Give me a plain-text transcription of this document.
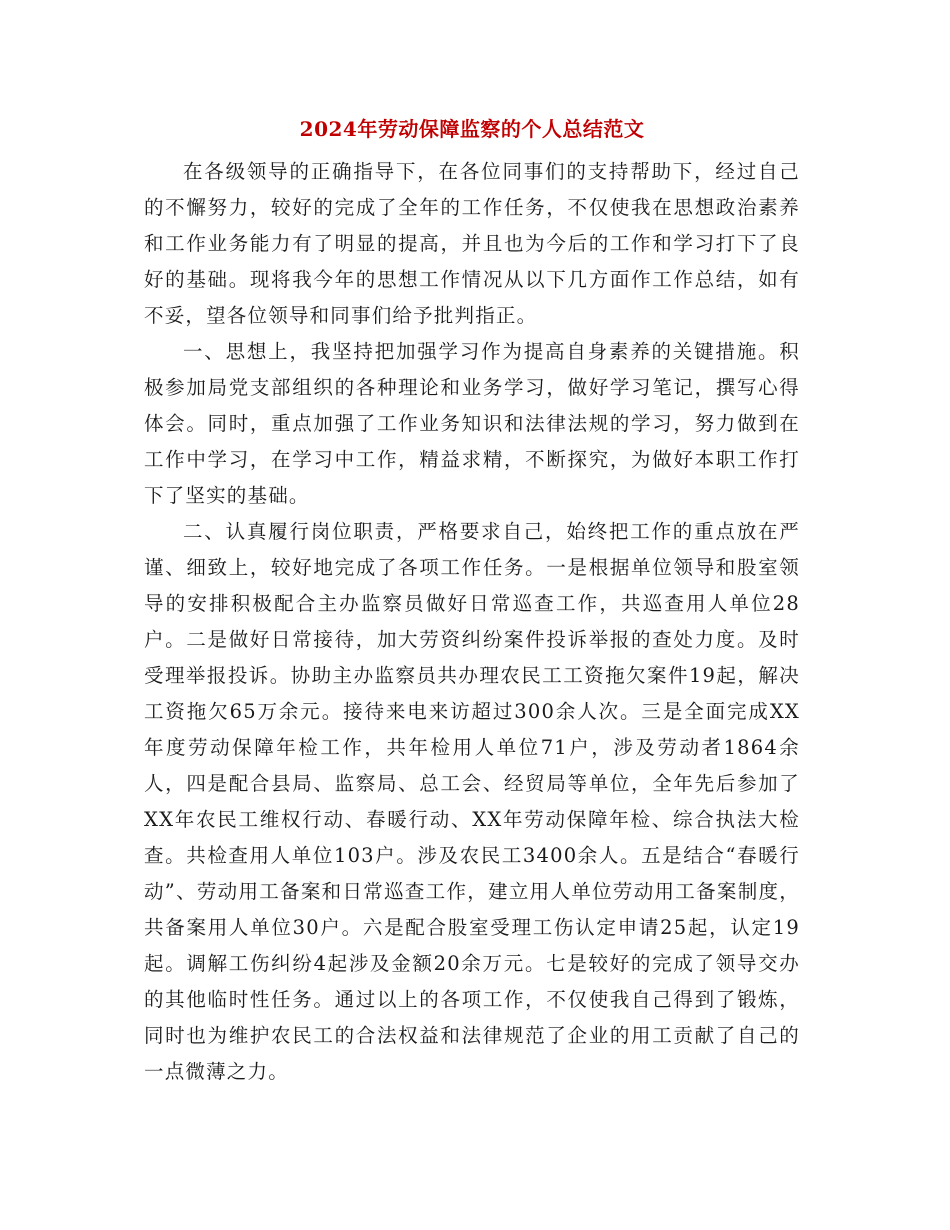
2024年劳动保障监察的个人总结范文

在各级领导的正确指导下，在各位同事们的支持帮助下，经过自己的不懈努力，较好的完成了全年的工作任务，不仅使我在思想政治素养和工作业务能力有了明显的提高，并且也为今后的工作和学习打下了良好的基础。现将我今年的思想工作情况从以下几方面作工作总结，如有不妥，望各位领导和同事们给予批判指正。

一、思想上，我坚持把加强学习作为提高自身素养的关键措施。积极参加局党支部组织的各种理论和业务学习，做好学习笔记，撰写心得体会。同时，重点加强了工作业务知识和法律法规的学习，努力做到在工作中学习，在学习中工作，精益求精，不断探究，为做好本职工作打下了坚实的基础。

二、认真履行岗位职责，严格要求自己，始终把工作的重点放在严谨、细致上，较好地完成了各项工作任务。一是根据单位领导和股室领导的安排积极配合主办监察员做好日常巡查工作，共巡查用人单位28户。二是做好日常接待，加大劳资纠纷案件投诉举报的查处力度。及时受理举报投诉。协助主办监察员共办理农民工工资拖欠案件19起，解决工资拖欠65万余元。接待来电来访超过300余人次。三是全面完成XX年度劳动保障年检工作，共年检用人单位71户，涉及劳动者1864余人，四是配合县局、监察局、总工会、经贸局等单位，全年先后参加了XX年农民工维权行动、春暖行动、XX年劳动保障年检、综合执法大检查。共检查用人单位103户。涉及农民工3400余人。五是结合“春暖行动”、劳动用工备案和日常巡查工作，建立用人单位劳动用工备案制度，共备案用人单位30户。六是配合股室受理工伤认定申请25起，认定19起。调解工伤纠纷4起涉及金额20余万元。七是较好的完成了领导交办的其他临时性任务。通过以上的各项工作，不仅使我自己得到了锻炼，同时也为维护农民工的合法权益和法律规范了企业的用工贡献了自己的一点微薄之力。
